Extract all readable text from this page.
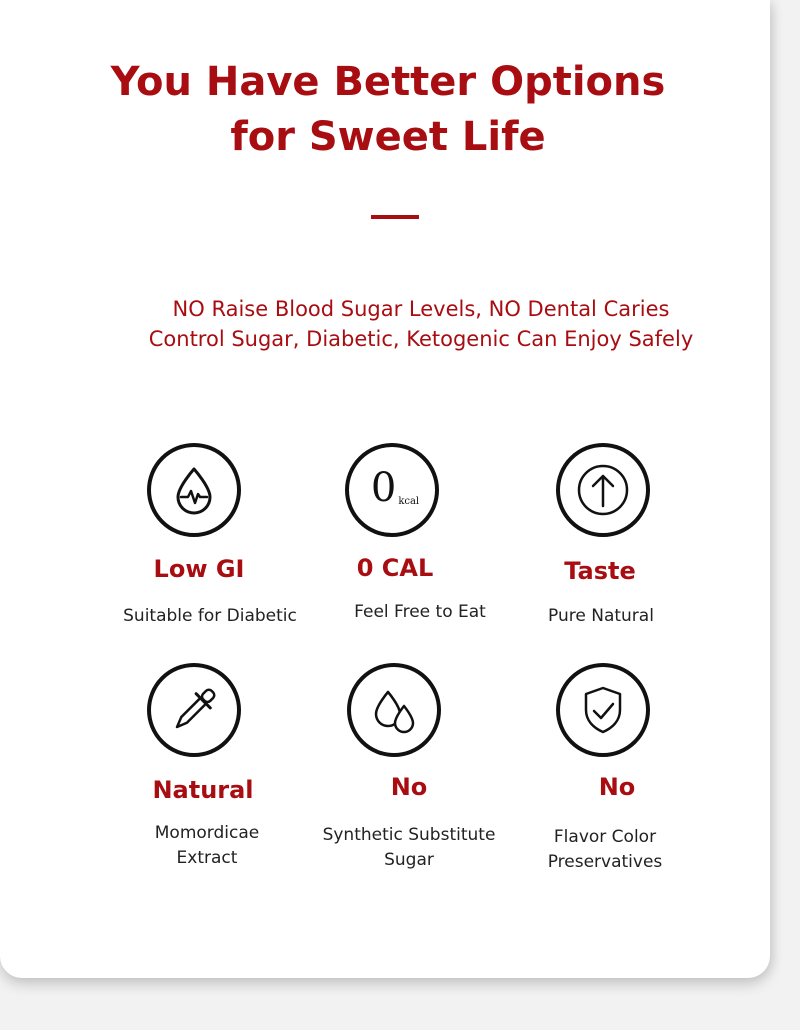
You Have Better Options
for Sweet Life
NO Raise Blood Sugar Levels, NO Dental Caries
Control Sugar, Diabetic, Ketogenic Can Enjoy Safely
Low GI
Suitable for Diabetic
0 kcal
0 CAL
Feel Free to Eat
Taste
Pure Natural
Natural
Momordicae
Extract
No
Synthetic Substitute
Sugar
No
Flavor Color
Preservatives
